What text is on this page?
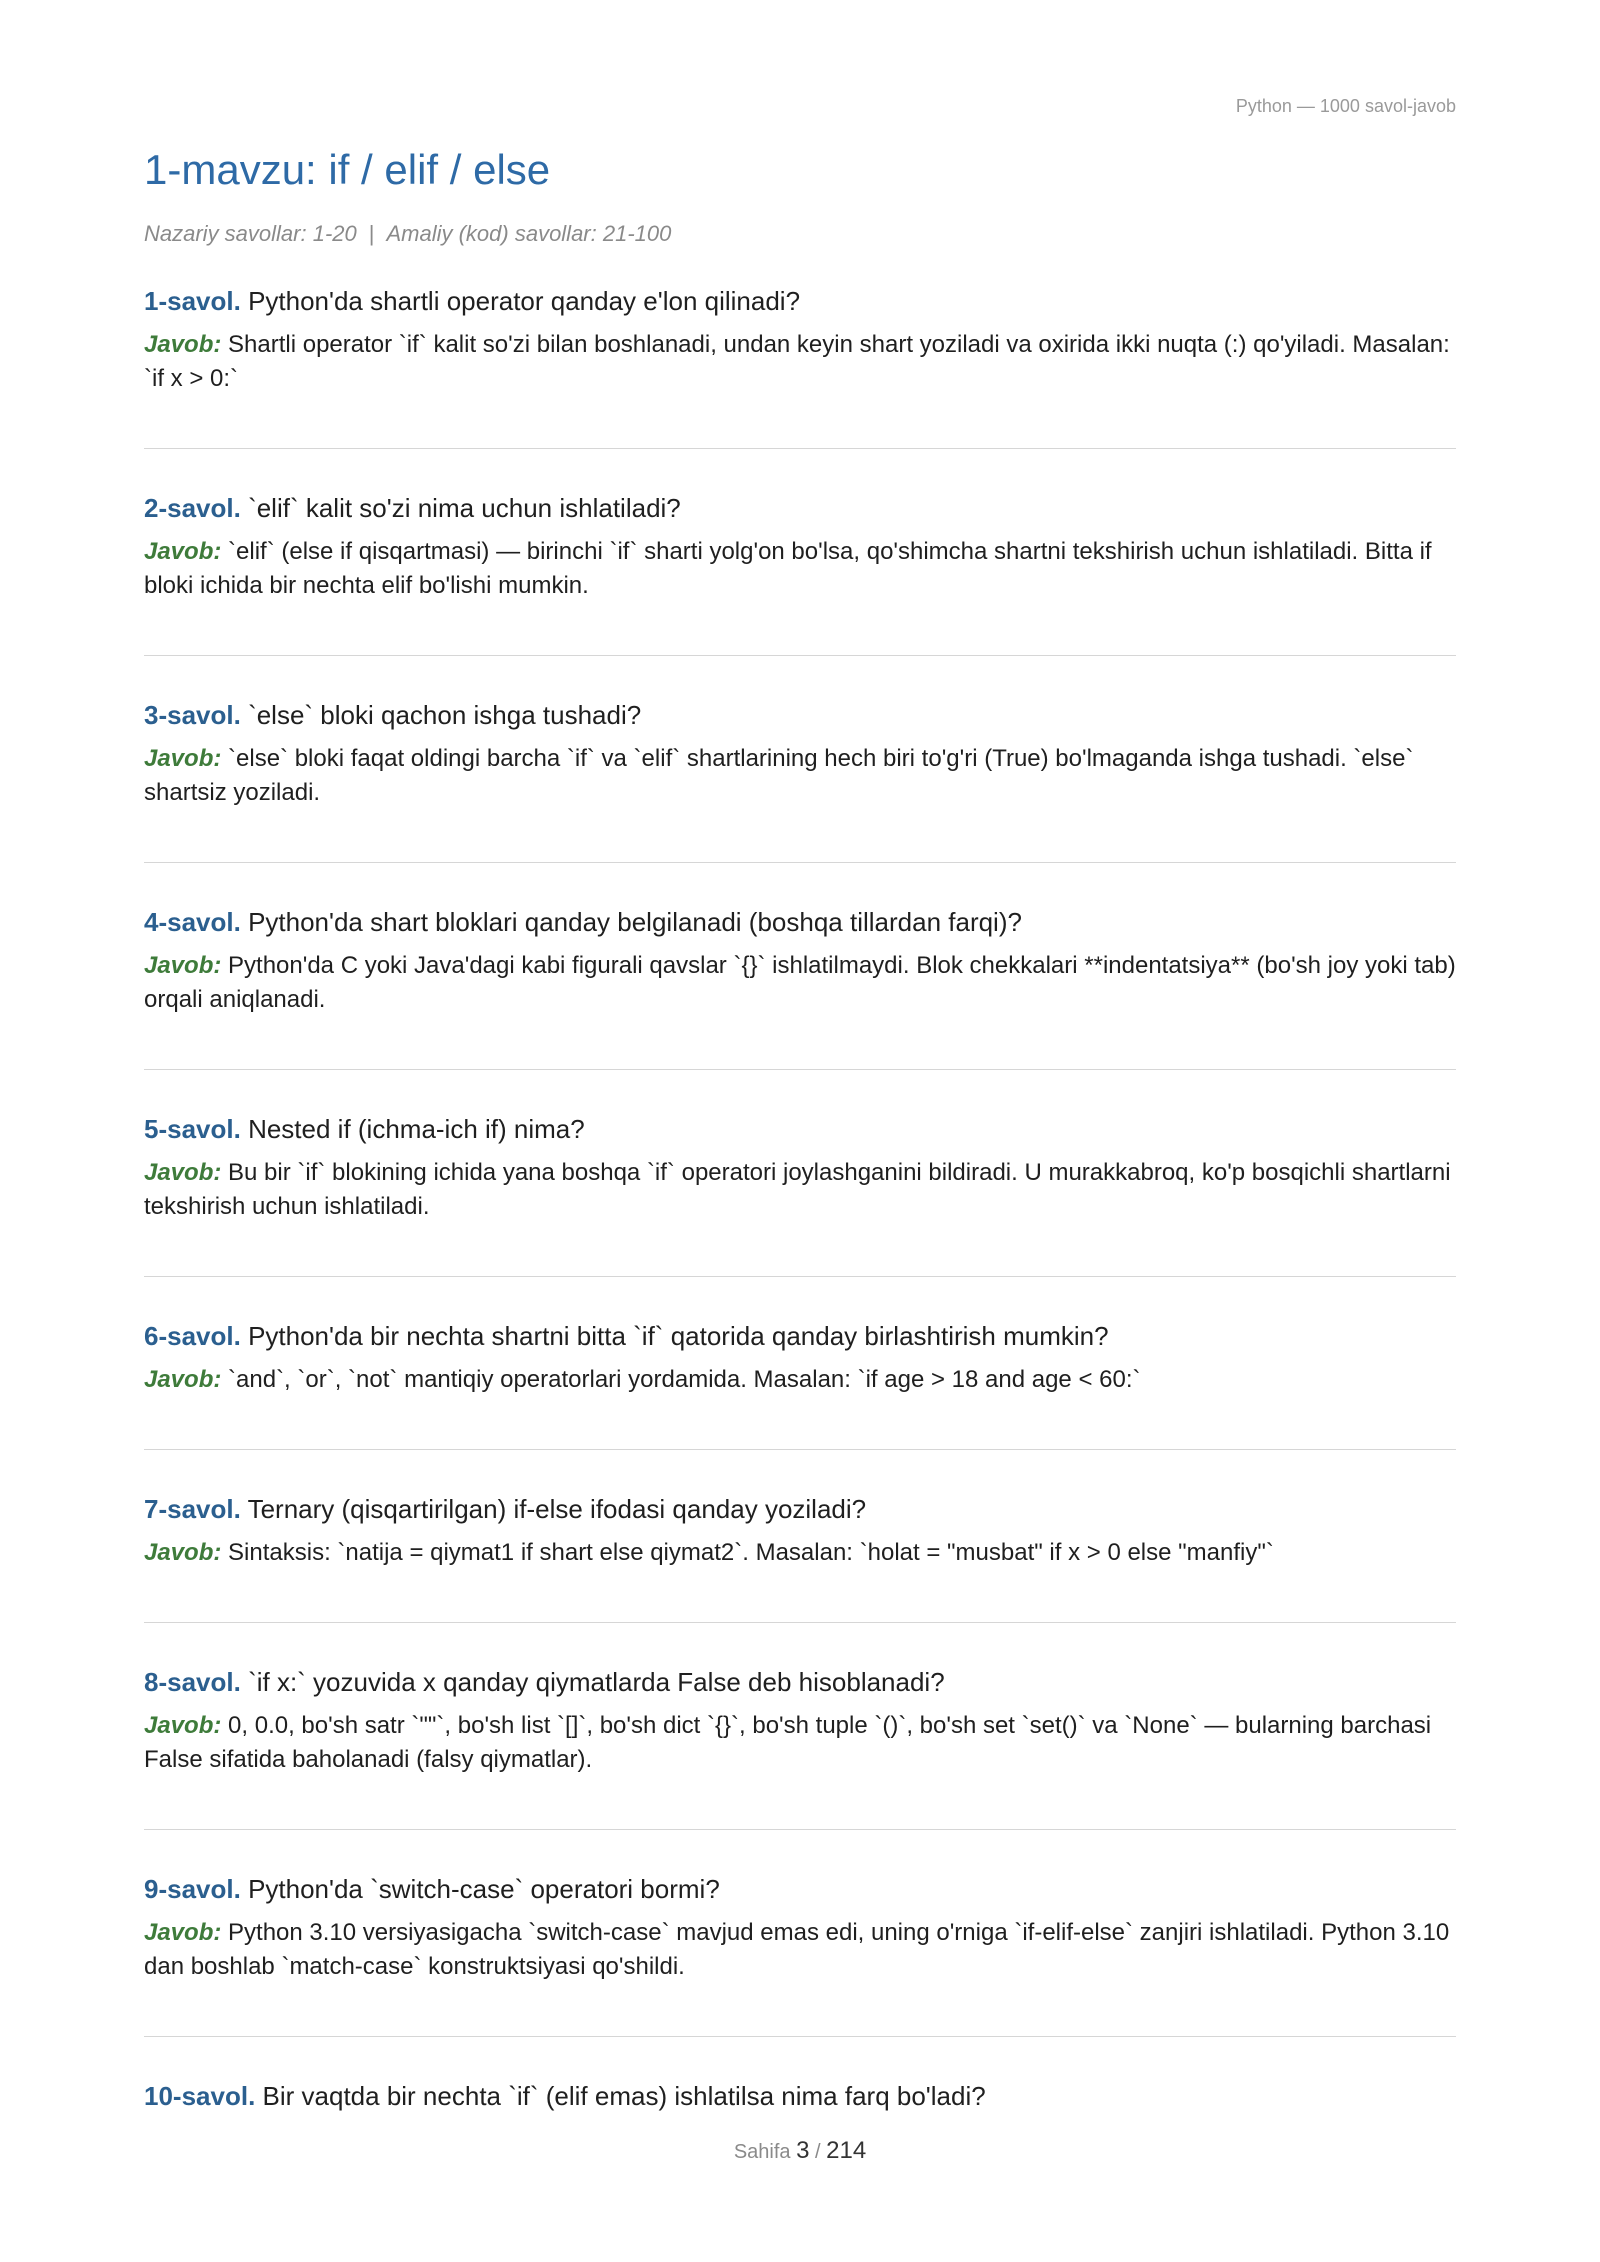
Python — 1000 savol-javob
1-mavzu: if / elif / else
Nazariy savollar: 1-20 | Amaliy (kod) savollar: 21-100
1-savol. Python'da shartli operator qanday e'lon qilinadi?
Javob: Shartli operator `if` kalit so'zi bilan boshlanadi, undan keyin shart yoziladi va oxirida ikki nuqta (:) qo'yiladi. Masalan: `if x > 0:`
2-savol. `elif` kalit so'zi nima uchun ishlatiladi?
Javob: `elif` (else if qisqartmasi) — birinchi `if` sharti yolg'on bo'lsa, qo'shimcha shartni tekshirish uchun ishlatiladi. Bitta if bloki ichida bir nechta elif bo'lishi mumkin.
3-savol. `else` bloki qachon ishga tushadi?
Javob: `else` bloki faqat oldingi barcha `if` va `elif` shartlarining hech biri to'g'ri (True) bo'lmaganda ishga tushadi. `else` shartsiz yoziladi.
4-savol. Python'da shart bloklari qanday belgilanadi (boshqa tillardan farqi)?
Javob: Python'da C yoki Java'dagi kabi figurali qavslar `{}` ishlatilmaydi. Blok chekkalari **indentatsiya** (bo'sh joy yoki tab) orqali aniqlanadi.
5-savol. Nested if (ichma-ich if) nima?
Javob: Bu bir `if` blokining ichida yana boshqa `if` operatori joylashganini bildiradi. U murakkabroq, ko'p bosqichli shartlarni tekshirish uchun ishlatiladi.
6-savol. Python'da bir nechta shartni bitta `if` qatorida qanday birlashtirish mumkin?
Javob: `and`, `or`, `not` mantiqiy operatorlari yordamida. Masalan: `if age > 18 and age < 60:`
7-savol. Ternary (qisqartirilgan) if-else ifodasi qanday yoziladi?
Javob: Sintaksis: `natija = qiymat1 if shart else qiymat2`. Masalan: `holat = "musbat" if x > 0 else "manfiy"`
8-savol. `if x:` yozuvida x qanday qiymatlarda False deb hisoblanadi?
Javob: 0, 0.0, bo'sh satr `""`, bo'sh list `[]`, bo'sh dict `{}`, bo'sh tuple `()`, bo'sh set `set()` va `None` — bularning barchasi False sifatida baholanadi (falsy qiymatlar).
9-savol. Python'da `switch-case` operatori bormi?
Javob: Python 3.10 versiyasigacha `switch-case` mavjud emas edi, uning o'rniga `if-elif-else` zanjiri ishlatiladi. Python 3.10 dan boshlab `match-case` konstruktsiyasi qo'shildi.
10-savol. Bir vaqtda bir nechta `if` (elif emas) ishlatilsa nima farq bo'ladi?
Sahifa 3 / 214
